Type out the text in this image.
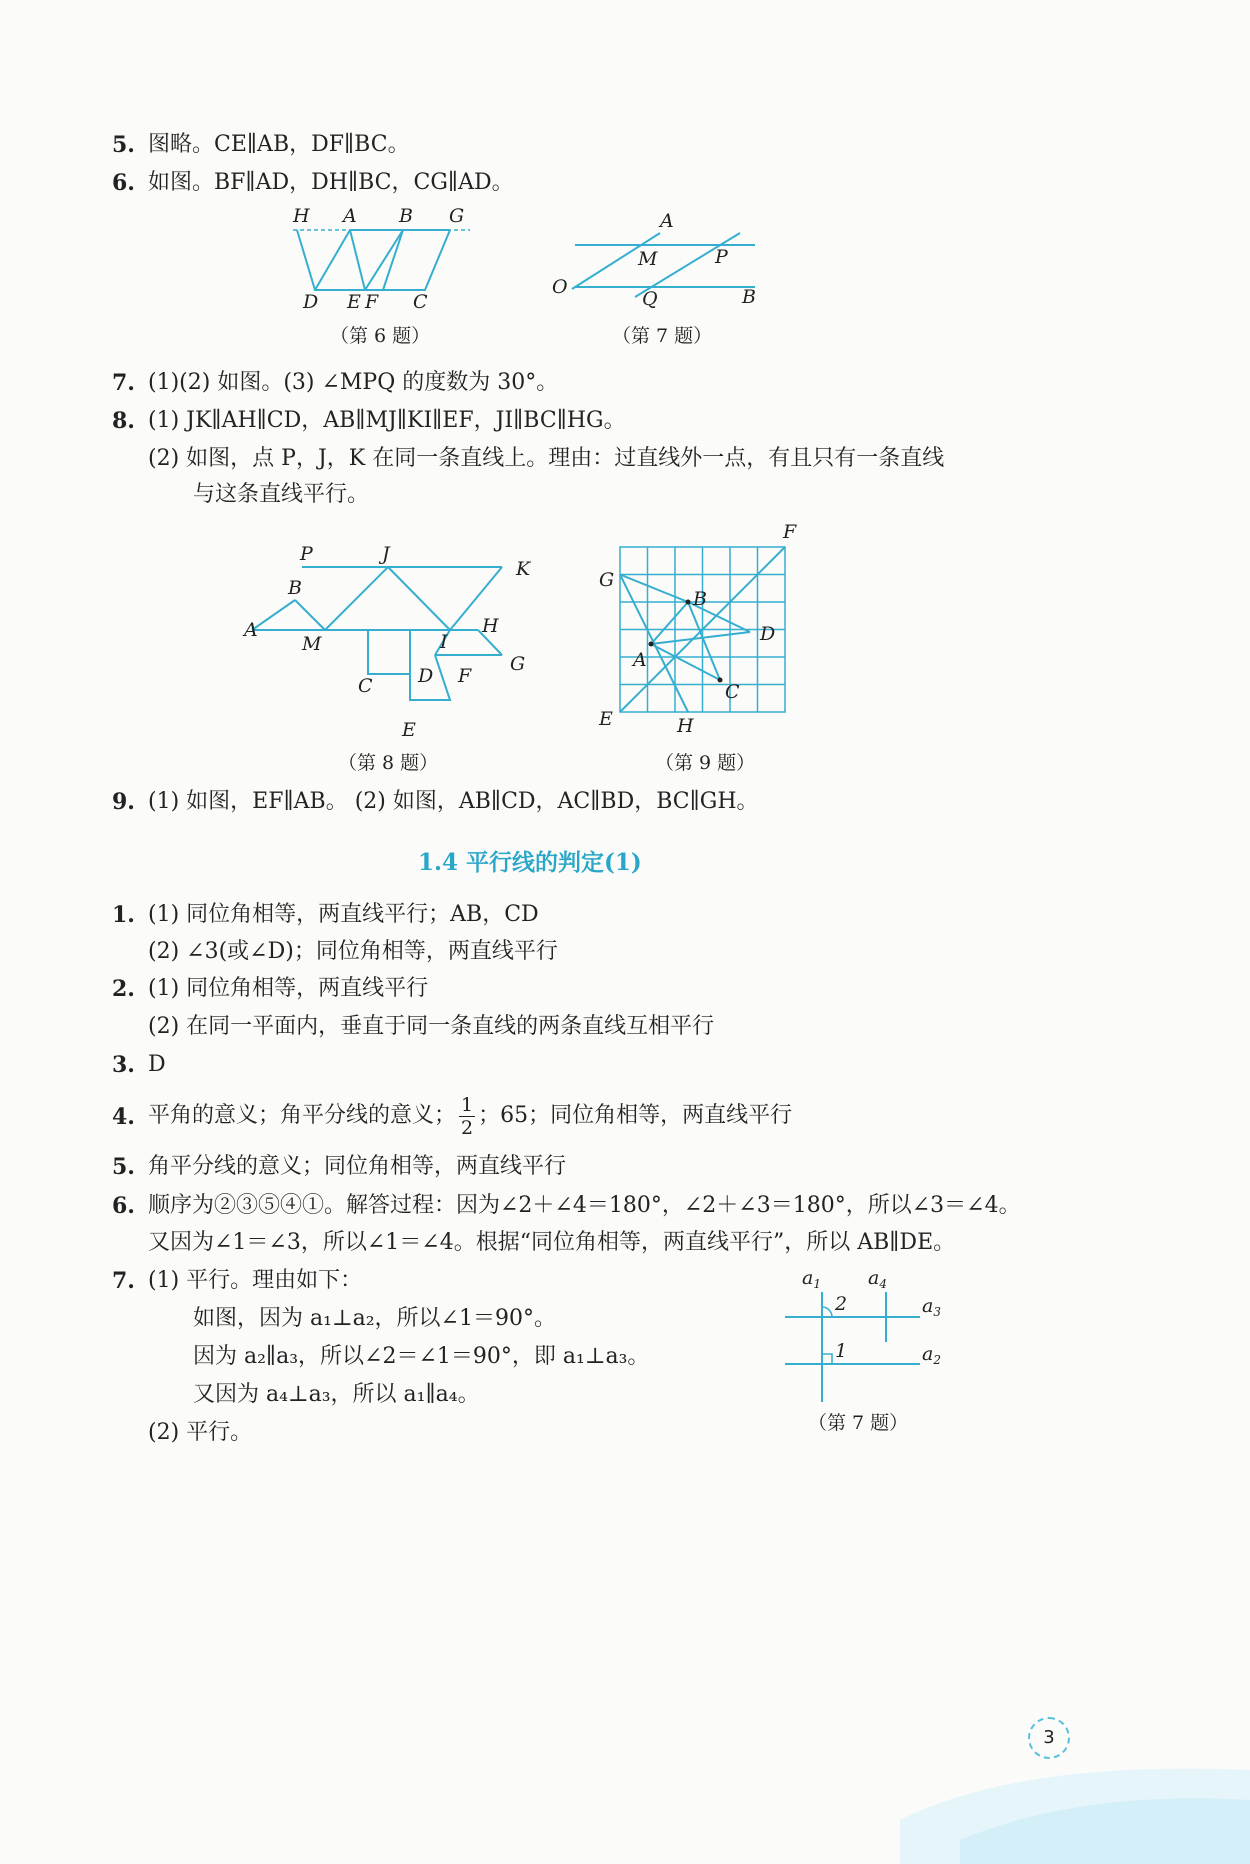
5. 图略。CE∥AB，DF∥BC。
6. 如图。BF∥AD，DH∥BC，CG∥AD。
H A B G
D E F C
（第 6 题）
A
M	P
O
Q	B
（第 7 题）
7. (1)(2) 如图。(3) ∠MPQ 的度数为 30°。
8. (1) JK∥AH∥CD，AB∥MJ∥KI∥EF，JI∥BC∥HG。
(2) 如图，点 P，J，K 在同一条直线上。理由：过直线外一点，有且只有一条直线
与这条直线平行。
P	J
K
B
A
M	I
H
G
C D F
E
（第 8 题）
F
G
B
D
A
C
E	H
（第 9 题）
9. (1) 如图，EF∥AB。 (2) 如图，AB∥CD，AC∥BD，BC∥GH。
1.4 平行线的判定(1)
1. (1) 同位角相等，两直线平行；AB，CD
(2) ∠3(或∠D)；同位角相等，两直线平行
2. (1) 同位角相等，两直线平行
(2) 在同一平面内，垂直于同一条直线的两条直线互相平行
3. D
4. 平角的意义；角平分线的意义； $\frac{1}{2}$ ；65；同位角相等，两直线平行
5. 角平分线的意义；同位角相等，两直线平行
6. 顺序为②③⑤④①。解答过程：因为∠2＋∠4＝180°，∠2＋∠3＝180°，所以∠3＝∠4。
又因为∠1＝∠3，所以∠1＝∠4。根据“同位角相等，两直线平行”，所以 AB∥DE。
7. (1) 平行。理由如下：
如图，因为 a₁⊥a₂，所以∠1＝90°。
因为 a₂∥a₃，所以∠2＝∠1＝90°，即 a₁⊥a₃。
又因为 a₄⊥a₃，所以 a₁∥a₄。
(2) 平行。
$a_1$ $a_4$
$a_3$
$a_2$
2
1
（第 7 题）
3
